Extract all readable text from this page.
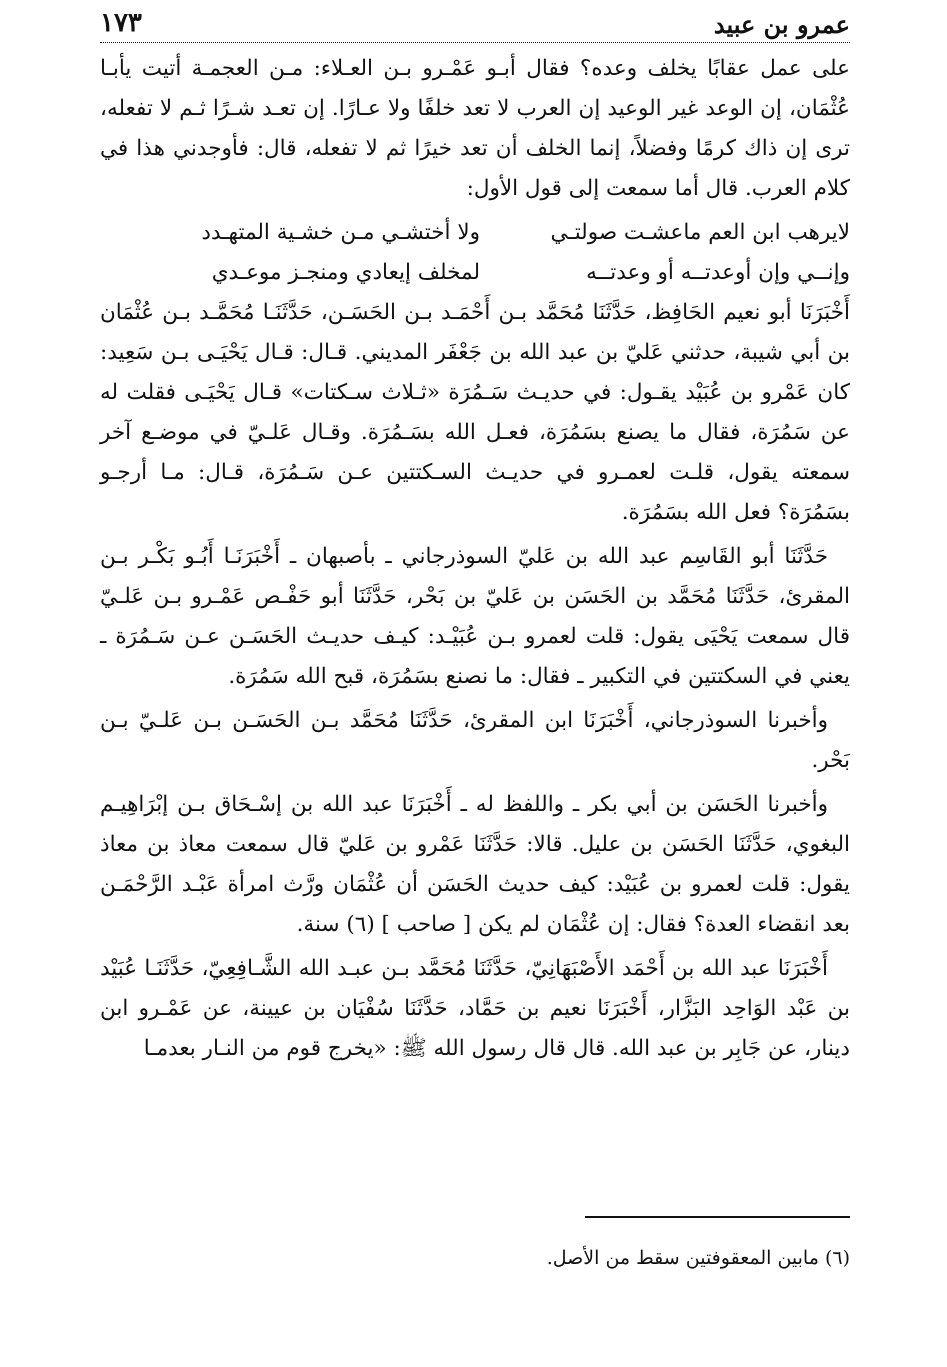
عمرو بن عبيد
١٧٣

على عمل عقابًا يخلف وعده؟ فقال أبـو عَمْـرو بـن العـلاء: مـن العجمـة أتيت يأبـا عُثْمَان، إن الوعد غير الوعيد إن العرب لا تعد خلفًا ولا عـارًا. إن تعـد شـرًا ثـم لا تفعله، ترى إن ذاك كرمًا وفضلاً، إنما الخلف أن تعد خيرًا ثم لا تفعله، قال: فأوجدني هذا في كلام العرب. قال أما سمعت إلى قول الأول:

لايرهب ابن العم ماعشـت صولتـي
ولا أختشـي مـن خشـية المتهـدد
وإنــي وإن أوعدتــه أو وعدتــه
لمخلف إيعادي ومنجـز موعـدي

أَخْبَرَنَا أبو نعيم الحَافِظ، حَدَّثَنَا مُحَمَّد بـن أَحْمَـد بـن الحَسَـن، حَدَّثَنَـا مُحَمَّـد بـن عُثْمَان بن أبي شيبة، حدثني عَليّ بن عبد الله بن جَعْفَر المديني. قـال: قـال يَحْيَـى بـن سَعِيد: كان عَمْرو بن عُبَيْد يقـول: في حديـث سَـمُرَة «ثـلاث سـكتات» قـال يَحْيَـى فقلت له عن سَمُرَة، فقال ما يصنع بسَمُرَة، فعـل الله بسَـمُرَة. وقـال عَلـيّ في موضـع آخر سمعته يقول، قلـت لعمـرو في حديـث السـكتتين عـن سَـمُرَة، قـال: مـا أرجـو بسَمُرَة؟ فعل الله بسَمُرَة.

حَدَّثَنَا أبو القَاسِم عبد الله بن عَليّ السوذرجاني ـ بأصبهان ـ أَخْبَرَنَـا أَبُـو بَكْـر بـن المقرئ، حَدَّثَنَا مُحَمَّد بن الحَسَن بن عَليّ بن بَحْر، حَدَّثَنَا أبو حَفْـص عَمْـرو بـن عَلـيّ قال سمعت يَحْيَى يقول: قلت لعمرو بـن عُبَيْـد: كيـف حديـث الحَسَـن عـن سَـمُرَة ـ يعني في السكتتين في التكبير ـ فقال: ما نصنع بسَمُرَة، قبح الله سَمُرَة.

وأخبرنا السوذرجاني، أَخْبَرَنَا ابن المقرئ، حَدَّثَنَا مُحَمَّد بـن الحَسَـن بـن عَلـيّ بـن بَحْر.

وأخبرنا الحَسَن بن أبي بكر ـ واللفظ له ـ أَخْبَرَنَا عبد الله بن إسْـحَاق بـن إبْرَاهِيـم البغوي، حَدَّثَنَا الحَسَن بن عليل. قالا: حَدَّثَنَا عَمْرو بن عَليّ قال سمعت معاذ بن معاذ يقول: قلت لعمرو بن عُبَيْد: كيف حديث الحَسَن أن عُثْمَان ورَّث امرأة عَبْـد الرَّحْمَـن بعد انقضاء العدة؟ فقال: إن عُثْمَان لم يكن [ صاحب ] (٦) سنة.

أَخْبَرَنَا عبد الله بن أَحْمَد الأَصْبَهَانِيّ، حَدَّثَنَا مُحَمَّد بـن عبـد الله الشَّـافِعِيّ، حَدَّثَنَـا عُبَيْد بن عَبْد الوَاحِد البَزَّار، أَخْبَرَنَا نعيم بن حَمَّاد، حَدَّثَنَا سُفْيَان بن عيينة، عن عَمْـرو ابن دينار، عن جَابِر بن عبد الله. قال قال رسول الله ﷺ: «يخرج قوم من النـار بعدمـا

(٦) مابين المعقوفتين سقط من الأصل.
